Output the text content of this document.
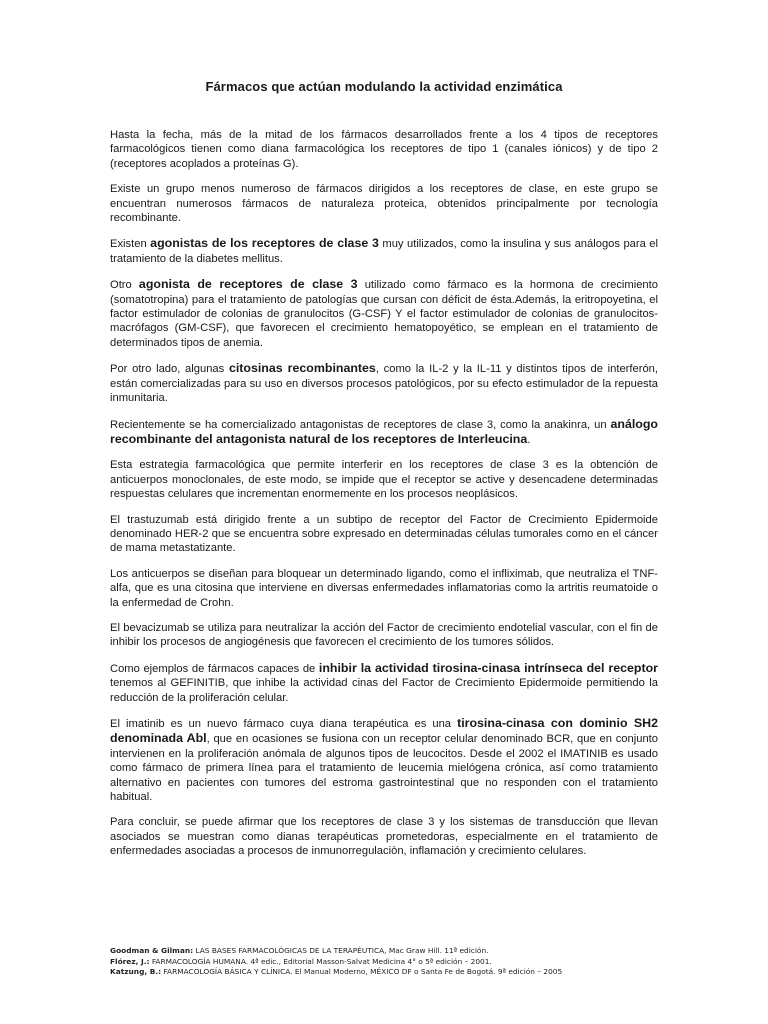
Fármacos que actúan modulando la actividad enzimática

Hasta la fecha, más de la mitad de los fármacos desarrollados frente a los 4 tipos de receptores farmacológicos tienen como diana farmacológica los receptores de tipo 1 (canales iónicos) y de tipo 2 (receptores acoplados a proteínas G).

Existe un grupo menos numeroso de fármacos dirigidos a los receptores de clase, en este grupo se encuentran numerosos fármacos de naturaleza proteica, obtenidos principalmente por tecnología recombinante.

Existen agonistas de los receptores de clase 3 muy utilizados, como la insulina y sus análogos para el tratamiento de la diabetes mellitus.

Otro agonista de receptores de clase 3 utilizado como fármaco es la hormona de crecimiento (somatotropina) para el tratamiento de patologías que cursan con déficit de ésta.Además, la eritropoyetina, el factor estimulador de colonias de granulocitos (G-CSF) Y el factor estimulador de colonias de granulocitos-macrófagos (GM-CSF), que favorecen el crecimiento hematopoyético, se emplean en el tratamiento de determinados tipos de anemia.

Por otro lado, algunas citosinas recombinantes, como la IL-2 y la IL-11 y distintos tipos de interferón, están comercializadas para su uso en diversos procesos patológicos, por su efecto estimulador de la repuesta inmunitaria.

Recientemente se ha comercializado antagonistas de receptores de clase 3, como la anakinra, un análogo recombinante del antagonista natural de los receptores de Interleucina.

Esta estrategia farmacológica que permite interferir en los receptores de clase 3 es la obtención de anticuerpos monoclonales, de este modo, se impide que el receptor se active y desencadene determinadas respuestas celulares que incrementan enormemente en los procesos neoplásicos.

El trastuzumab está dirigido frente a un subtipo de receptor del Factor de Crecimiento Epidermoide denominado HER-2 que se encuentra sobre expresado en determinadas células tumorales como en el cáncer de mama metastatizante.

Los anticuerpos se diseñan para bloquear un determinado ligando, como el infliximab, que neutraliza el TNF-alfa, que es una citosina que interviene en diversas enfermedades inflamatorias como la artritis reumatoide o la enfermedad de Crohn.

El bevacizumab se utiliza para neutralizar la acción del Factor de crecimiento endotelial vascular, con el fin de inhibir los procesos de angiogénesis que favorecen el crecimiento de los tumores sólidos.

Como ejemplos de fármacos capaces de inhibir la actividad tirosina-cinasa intrínseca del receptor tenemos al GEFINITIB, que inhibe la actividad cinas del Factor de Crecimiento Epidermoide permitiendo la reducción de la proliferación celular.

El imatinib es un nuevo fármaco cuya diana terapéutica es una tirosina-cinasa con dominio SH2 denominada Abl, que en ocasiones se fusiona con un receptor celular denominado BCR, que en conjunto intervienen en la proliferación anómala de algunos tipos de leucocitos. Desde el 2002 el IMATINIB es usado como fármaco de primera línea para el tratamiento de leucemia mielógena crónica, así como tratamiento alternativo en pacientes con tumores del estroma gastrointestinal que no responden con el tratamiento habitual.

Para concluir, se puede afirmar que los receptores de clase 3 y los sistemas de transducción que llevan asociados se muestran como dianas terapéuticas prometedoras, especialmente en el tratamiento de enfermedades asociadas a procesos de inmunorregulaciòn, inflamación y crecimiento celulares.

Goodman & Gilman: LAS BASES FARMACOLÓGICAS DE LA TERAPÉUTICA, Mac Graw Hill. 11ª edición.
Flórez, J.: FARMACOLOGÍA HUMANA. 4ª edic., Editorial Masson-Salvat Medicina 4° o 5ª edición – 2001.
Katzung, B.: FARMACOLOGÍA BÁSICA Y CLÍNICA. El Manual Moderno, MÉXICO DF o Santa Fe de Bogotá. 9ª edición – 2005
